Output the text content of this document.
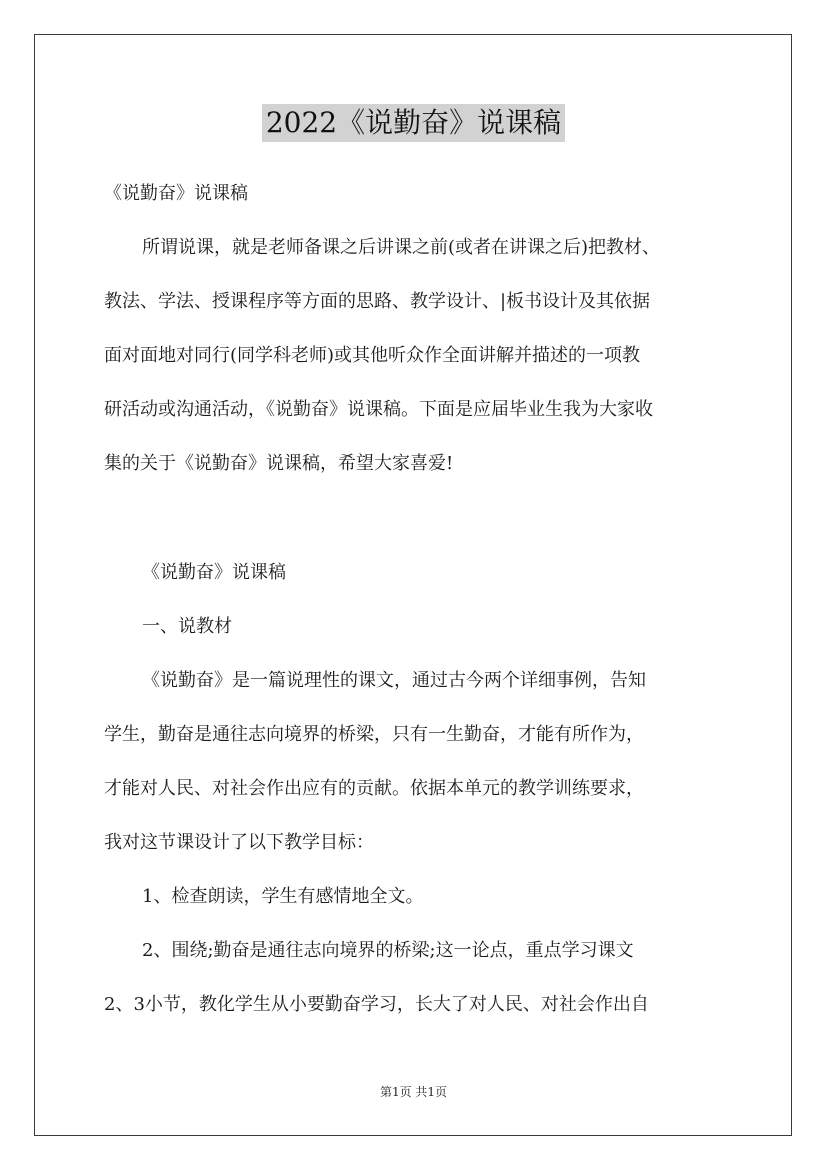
2022《说勤奋》说课稿
《说勤奋》说课稿
所谓说课，就是老师备课之后讲课之前(或者在讲课之后)把教材、
教法、学法、授课程序等方面的思路、教学设计、|板书设计及其依据
面对面地对同行(同学科老师)或其他听众作全面讲解并描述的一项教
研活动或沟通活动，《说勤奋》说课稿。下面是应届毕业生我为大家收
集的关于《说勤奋》说课稿，希望大家喜爱!
《说勤奋》说课稿
一、说教材
《说勤奋》是一篇说理性的课文，通过古今两个详细事例，告知
学生，勤奋是通往志向境界的桥梁，只有一生勤奋，才能有所作为，
才能对人民、对社会作出应有的贡献。依据本单元的教学训练要求，
我对这节课设计了以下教学目标：
1、检查朗读，学生有感情地全文。
2、围绕;勤奋是通往志向境界的桥梁;这一论点，重点学习课文
2、3小节，教化学生从小要勤奋学习，长大了对人民、对社会作出自
第1页 共1页
